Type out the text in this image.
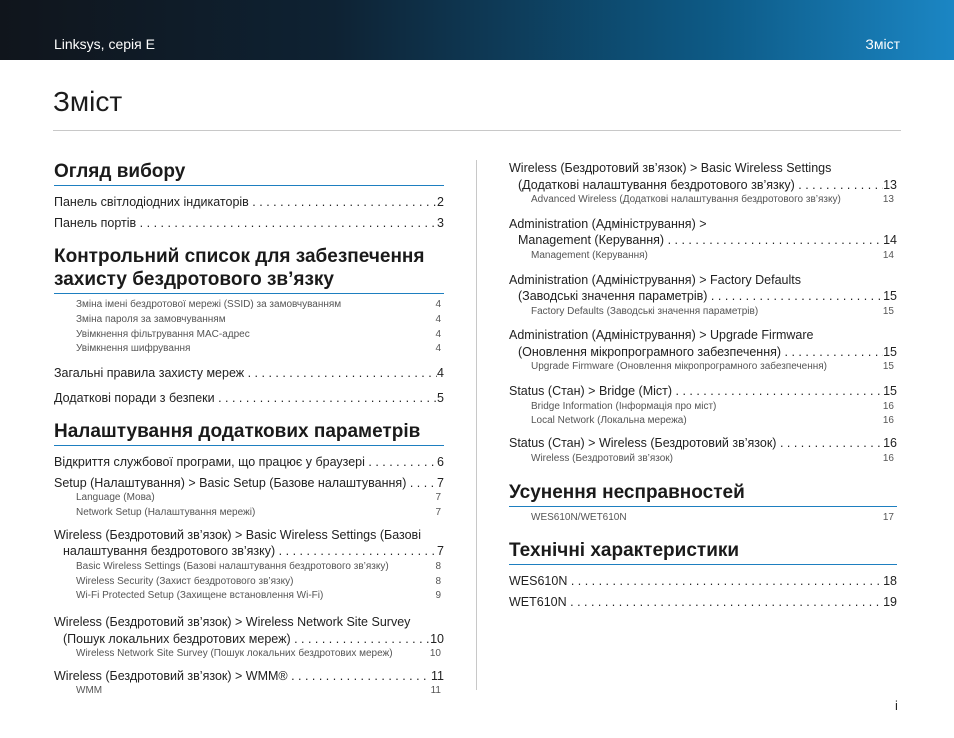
Linksys, серія E	Зміст
Зміст
Огляд вибору
Панель світлодіодних індикаторів . . .	2
Панель портів . . .	3
Контрольний список для забезпечення
захисту бездротового зв’язку
Зміна імені бездротової мережі (SSID) за замовчуванням	4
Зміна пароля за замовчуванням	4
Увімкнення фільтрування MAC-адрес	4
Увімкнення шифрування	4
Загальні правила захисту мереж . . .	4
Додаткові поради з безпеки . . .	5
Налаштування додаткових параметрів
Відкриття службової програми, що працює у браузері . . .	6
Setup (Налаштування) > Basic Setup (Базове налаштування) . . .	7
Language (Мова)	7
Network Setup (Налаштування мережі)	7
Wireless (Бездротовий зв’язок) > Basic Wireless Settings (Базові
налаштування бездротового зв’язку) . . .	7
Basic Wireless Settings (Базові налаштування бездротового зв’язку)	8
Wireless Security (Захист бездротового зв’язку)	8
Wi-Fi Protected Setup (Захищене встановлення Wi-Fi)	9
Wireless (Бездротовий зв’язок) > Wireless Network Site Survey
(Пошук локальних бездротових мереж) . . .	10
Wireless Network Site Survey (Пошук локальних бездротових мереж)	10
Wireless (Бездротовий зв’язок) > WMM® . . .	11
WMM	11
Wireless (Бездротовий зв’язок) > Basic Wireless Settings
(Додаткові налаштування бездротового зв’язку) . . .	13
Advanced Wireless (Додаткові налаштування бездротового зв’язку)	13
Administration (Адміністрування) >
Management (Керування) . . .	14
Management (Керування)	14
Administration (Адміністрування) > Factory Defaults
(Заводські значення параметрів) . . .	15
Factory Defaults (Заводські значення параметрів)	15
Administration (Адміністрування) > Upgrade Firmware
(Оновлення мікропрограмного забезпечення) . . .	15
Upgrade Firmware (Оновлення мікропрограмного забезпечення)	15
Status (Стан) > Bridge (Міст) . . .	15
Bridge Information (Інформація про міст)	16
Local Network (Локальна мережа)	16
Status (Стан) > Wireless (Бездротовий зв’язок) . . .	16
Wireless (Бездротовий зв’язок)	16
Усунення несправностей
WES610N/WET610N	17
Технічні характеристики
WES610N . . .	18
WET610N . . .	19
i
